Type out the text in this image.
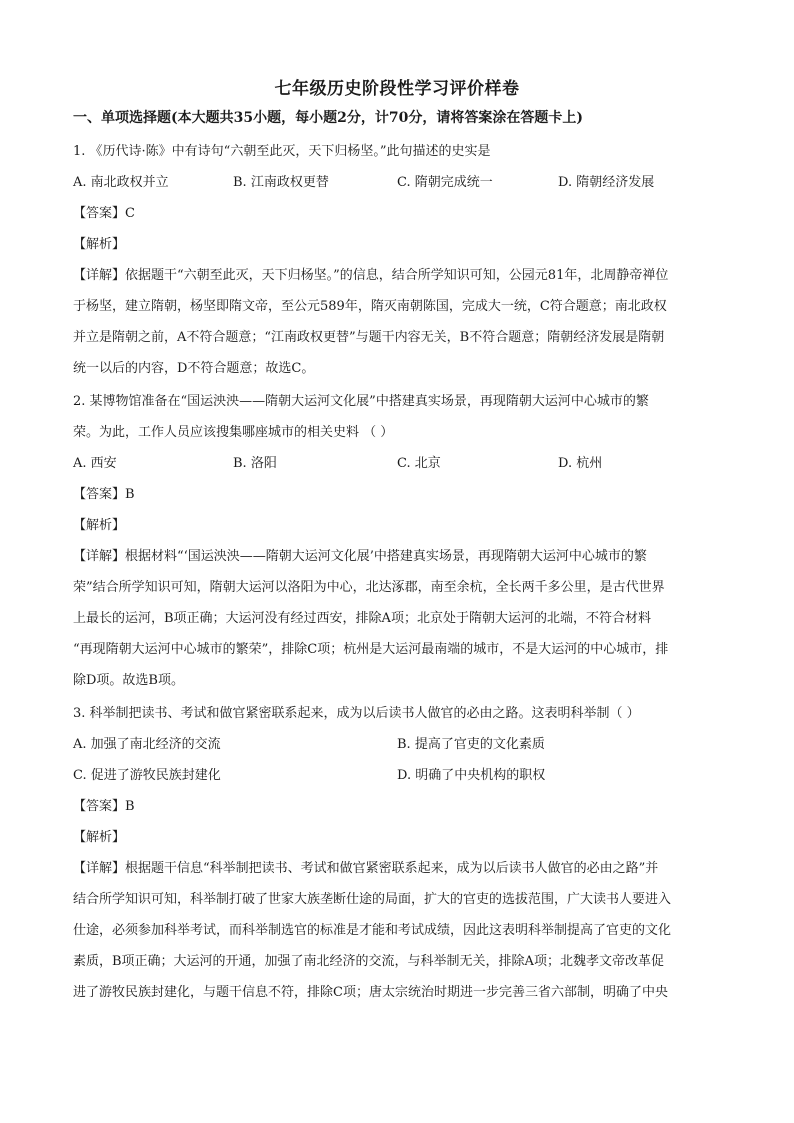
七年级历史阶段性学习评价样卷
一、单项选择题(本大题共35小题，每小题2分，计70分，请将答案涂在答题卡上)
1. 《历代诗·陈》中有诗句“六朝至此灭，天下归杨坚。”此句描述的史实是
A. 南北政权并立	B. 江南政权更替	C. 隋朝完成统一	D. 隋朝经济发展
【答案】C
【解析】
【详解】依据题干“六朝至此灭，天下归杨坚。”的信息，结合所学知识可知，公园元81年，北周静帝禅位
于杨坚，建立隋朝，杨坚即隋文帝，至公元589年，隋灭南朝陈国，完成大一统，C符合题意；南北政权
并立是隋朝之前，A不符合题意；“江南政权更替”与题干内容无关，B不符合题意；隋朝经济发展是隋朝
统一以后的内容，D不符合题意；故选C。
2. 某博物馆准备在“国运泱泱——隋朝大运河文化展”中搭建真实场景，再现隋朝大运河中心城市的繁
荣。为此，工作人员应该搜集哪座城市的相关史料 （ ）
A. 西安	B. 洛阳	C. 北京	D. 杭州
【答案】B
【解析】
【详解】根据材料“‘国运泱泱——隋朝大运河文化展’中搭建真实场景，再现隋朝大运河中心城市的繁
荣”结合所学知识可知，隋朝大运河以洛阳为中心，北达涿郡，南至余杭，全长两千多公里，是古代世界
上最长的运河，B项正确；大运河没有经过西安，排除A项；北京处于隋朝大运河的北端，不符合材料
“再现隋朝大运河中心城市的繁荣”，排除C项；杭州是大运河最南端的城市，不是大运河的中心城市，排
除D项。故选B项。
3. 科举制把读书、考试和做官紧密联系起来，成为以后读书人做官的必由之路。这表明科举制（ ）
A. 加强了南北经济的交流	B. 提高了官吏的文化素质
C. 促进了游牧民族封建化	D. 明确了中央机构的职权
【答案】B
【解析】
【详解】根据题干信息“科举制把读书、考试和做官紧密联系起来，成为以后读书人做官的必由之路”并
结合所学知识可知，科举制打破了世家大族垄断仕途的局面，扩大的官吏的选拔范围，广大读书人要进入
仕途，必须参加科举考试，而科举制选官的标准是才能和考试成绩，因此这表明科举制提高了官吏的文化
素质，B项正确；大运河的开通，加强了南北经济的交流，与科举制无关，排除A项；北魏孝文帝改革促
进了游牧民族封建化，与题干信息不符，排除C项；唐太宗统治时期进一步完善三省六部制，明确了中央
